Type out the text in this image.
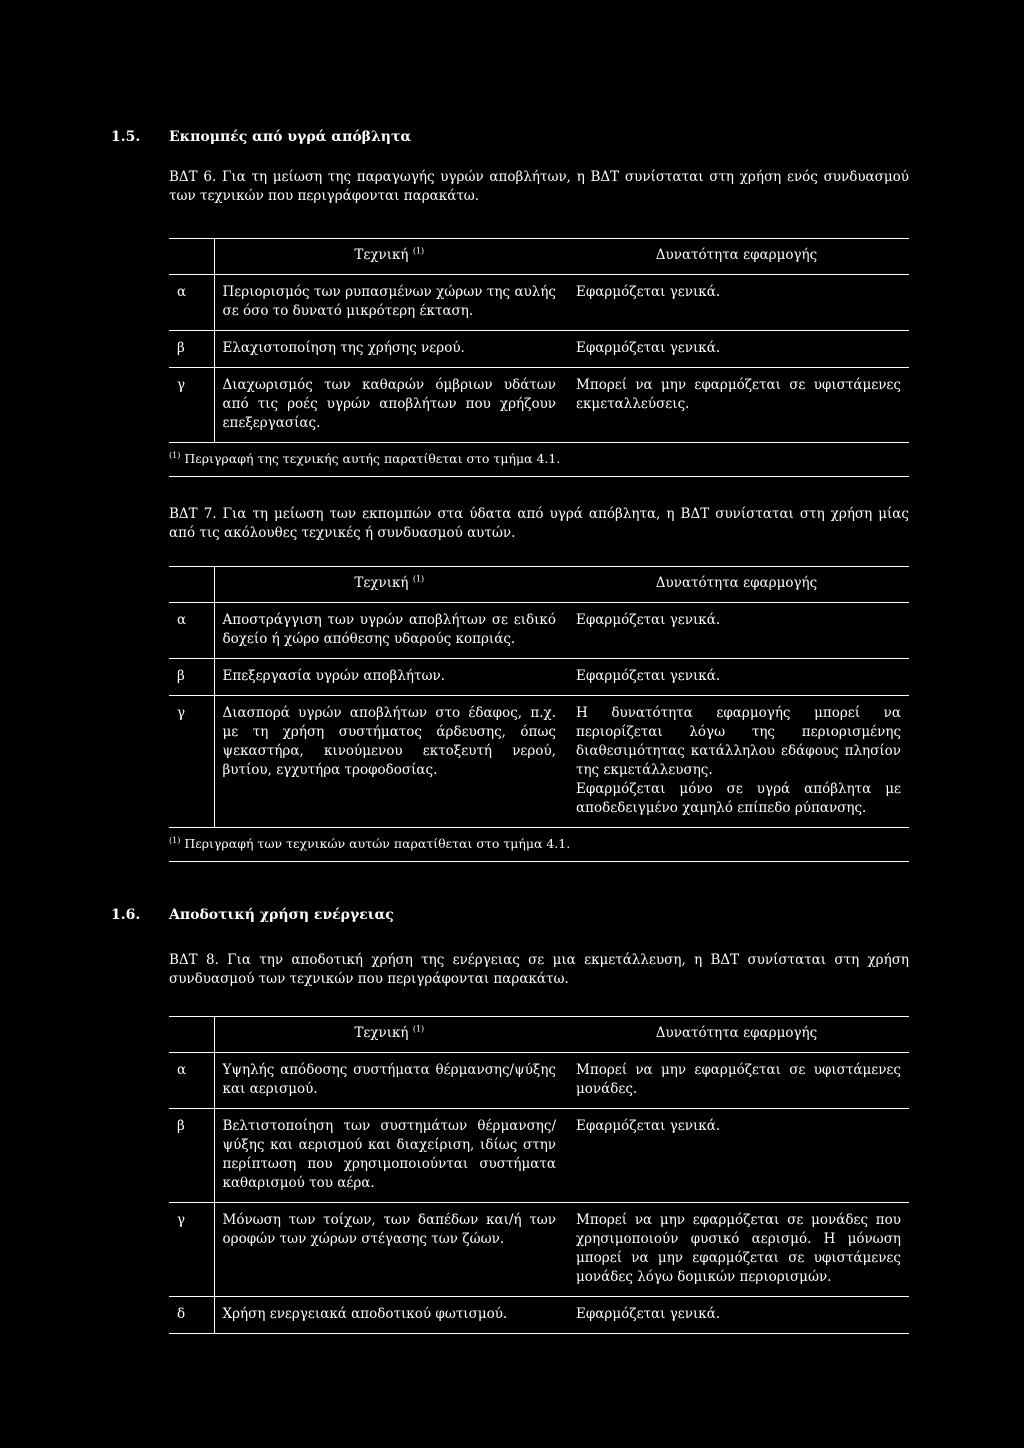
1.5. Εκπομπές από υγρά απόβλητα
ΒΔΤ 6. Για τη μείωση της παραγωγής υγρών αποβλήτων, η ΒΔΤ συνίσταται στη χρήση ενός συνδυασμού των τεχνικών που περιγράφονται παρακάτω.
	Τεχνική $^{(1)}$	Δυνατότητα εφαρμογής
α	Περιορισμός των ρυπασμένων χώρων της αυλής σε όσο το δυνατό μικρότερη έκταση.	Εφαρμόζεται γενικά.
β	Ελαχιστοποίηση της χρήσης νερού.	Εφαρμόζεται γενικά.
γ	Διαχωρισμός των καθαρών όμβριων υδάτων από τις ροές υγρών αποβλήτων που χρήζουν επεξεργασίας.	Μπορεί να μην εφαρμόζεται σε υφιστάμενες εκμεταλλεύσεις.
$^{(1)}$ Περιγραφή της τεχνικής αυτής παρατίθεται στο τμήμα 4.1.		
ΒΔΤ 7. Για τη μείωση των εκπομπών στα ύδατα από υγρά απόβλητα, η ΒΔΤ συνίσταται στη χρήση μίας από τις ακόλουθες τεχνικές ή συνδυασμού αυτών.
	Τεχνική $^{(1)}$	Δυνατότητα εφαρμογής
α	Αποστράγγιση των υγρών αποβλήτων σε ειδικό δοχείο ή χώρο απόθεσης υδαρούς κοπριάς.	Εφαρμόζεται γενικά.

β	Επεξεργασία υγρών αποβλήτων.	Εφαρμόζεται γενικά.

γ	Διασπορά υγρών αποβλήτων στο έδαφος, π.χ. με τη χρήση συστήματος άρδευσης, όπως ψεκαστήρα, κινούμενου εκτοξευτή νερού, βυτίου, εγχυτήρα τροφοδοσίας.	Η δυνατότητα εφαρμογής μπορεί να περιορίζεται λόγω της περιορισμένης διαθεσιμότητας κατάλληλου εδάφους πλησίον της εκμετάλλευσης.

Εφαρμόζεται μόνο σε υγρά απόβλητα με αποδεδειγμένο χαμηλό επίπεδο ρύπανσης.

$^{(1)}$ Περιγραφή των τεχνικών αυτών παρατίθεται στο τμήμα 4.1.		
1.6. Αποδοτική χρήση ενέργειας
ΒΔΤ 8. Για την αποδοτική χρήση της ενέργειας σε μια εκμετάλλευση, η ΒΔΤ συνίσταται στη χρήση συνδυασμού των τεχνικών που περιγράφονται παρακάτω.
	Τεχνική $^{(1)}$	Δυνατότητα εφαρμογής
α	Υψηλής απόδοσης συστήματα θέρμανσης/ψύξης και αερισμού.	Μπορεί να μην εφαρμόζεται σε υφιστάμενες μονάδες.
β	Βελτιστοποίηση των συστημάτων θέρμανσης/ψύξης και αερισμού και διαχείριση, ιδίως στην περίπτωση που χρησιμοποιούνται συστήματα καθαρισμού του αέρα.	Εφαρμόζεται γενικά.
γ	Μόνωση των τοίχων, των δαπέδων και/ή των οροφών των χώρων στέγασης των ζώων.	Μπορεί να μην εφαρμόζεται σε μονάδες που χρησιμοποιούν φυσικό αερισμό. Η μόνωση μπορεί να μην εφαρμόζεται σε υφιστάμενες μονάδες λόγω δομικών περιορισμών.
δ	Χρήση ενεργειακά αποδοτικού φωτισμού.	Εφαρμόζεται γενικά.
